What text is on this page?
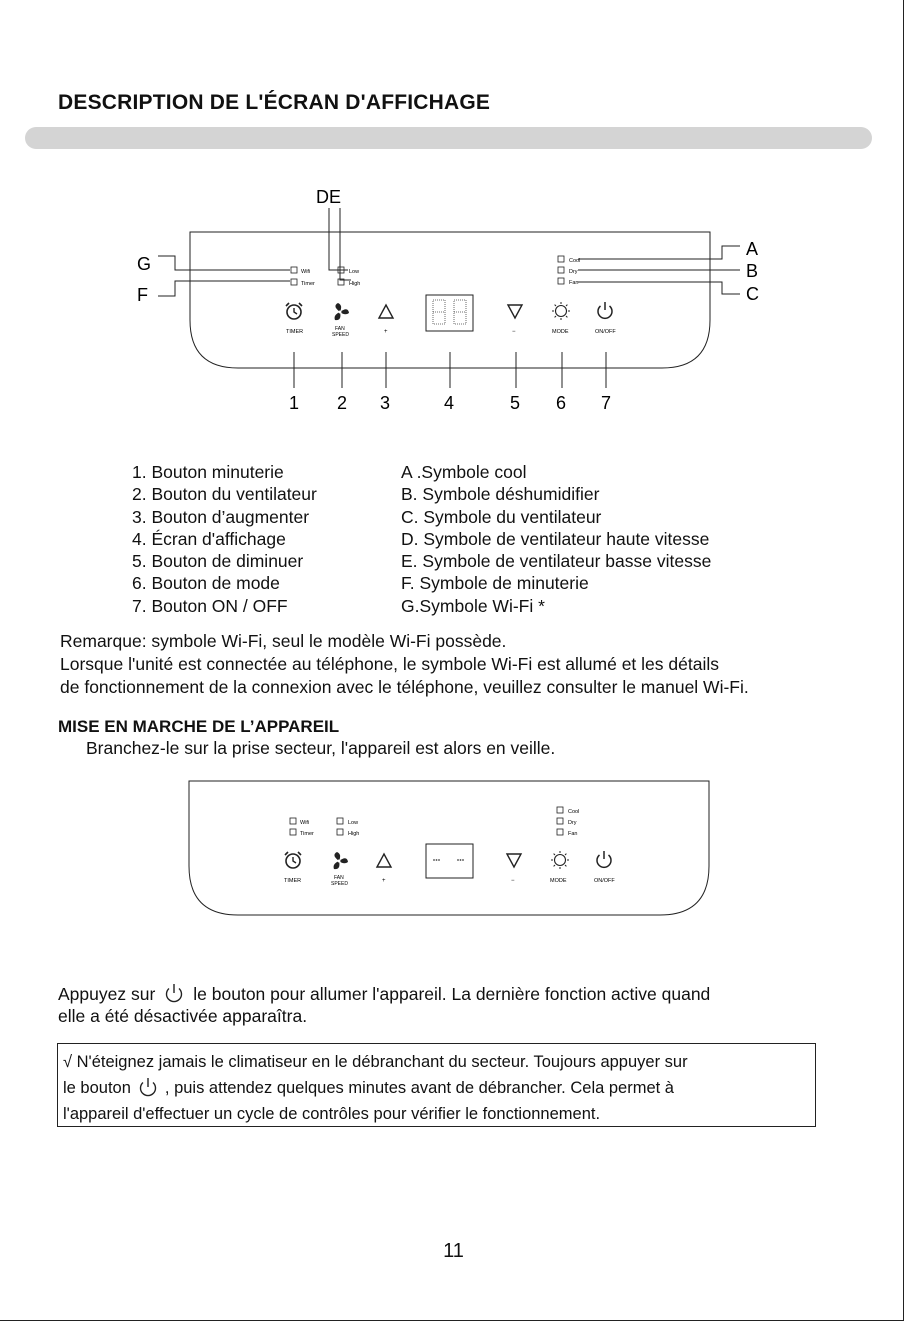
DESCRIPTION DE L'ÉCRAN D'AFFICHAGE
DE
G
F
A
B
C
Wifi
Timer
Low
High
Cool
Dry
Fan
TIMER	FAN
SPEED	+	−	MODE	ON/OFF
1 2 3	4	5 6 7
1. Bouton minuterie
2. Bouton du ventilateur
3. Bouton d’augmenter
4. Écran d'affichage
5. Bouton de diminuer
6. Bouton de mode
7. Bouton ON / OFF
A .Symbole cool
B. Symbole déshumidifier
C. Symbole du ventilateur
D. Symbole de ventilateur haute vitesse
E. Symbole de ventilateur basse vitesse
F. Symbole de minuterie
G.Symbole Wi-Fi *
Remarque: symbole Wi-Fi, seul le modèle Wi-Fi possède.
Lorsque l'unité est connectée au téléphone, le symbole Wi-Fi est allumé et les détails
de fonctionnement de la connexion avec le téléphone, veuillez consulter le manuel Wi-Fi.
MISE EN MARCHE DE L’APPAREIL
Branchez-le sur la prise secteur, l'appareil est alors en veille.
Wifi
Timer
Low
High
Cool
Dry
Fan
TIMER	FAN
SPEED	+	−	MODE	ON/OFF
Appuyez sur le bouton pour allumer l'appareil. La dernière fonction active quand
elle a été désactivée apparaîtra.
√ N'éteignez jamais le climatiseur en le débranchant du secteur. Toujours appuyer sur
le bouton , puis attendez quelques minutes avant de débrancher. Cela permet à
l'appareil d'effectuer un cycle de contrôles pour vérifier le fonctionnement.
11
